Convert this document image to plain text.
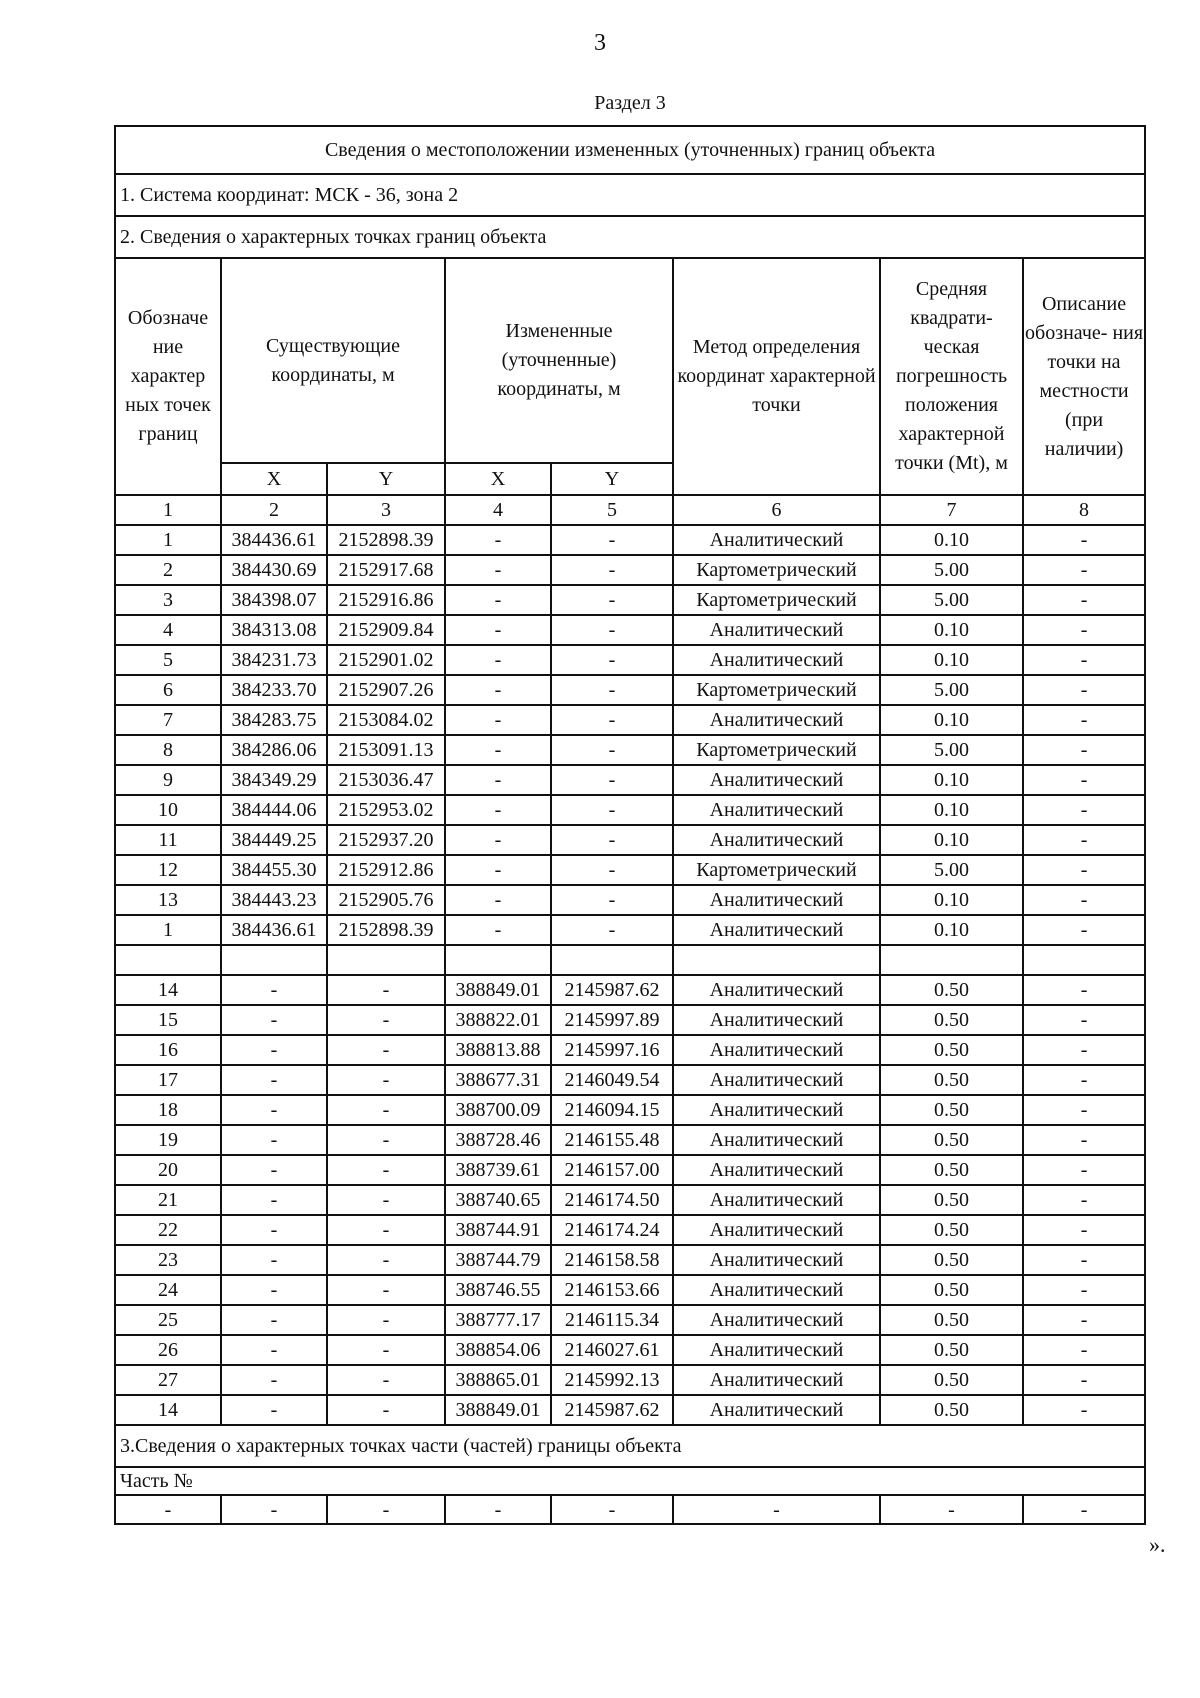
3
Раздел 3
Сведения о местоположении измененных (уточненных) границ объекта							
1. Система координат: МСК - 36, зона 2							
2. Сведения о характерных точках границ объекта							
Обозначе ние характер ных точек границ	Существующие координаты, м		Измененные (уточненные) координаты, м		Метод определения координат характерной точки	Средняя квадрати- ческая погрешность положения характерной точки (Mt), м	Описание обозначе- ния точки на местности (при наличии)
	X	Y	X	Y			
1	2	3	4	5	6	7	8
1	384436.61	2152898.39	-	-	Аналитический	0.10	-
2	384430.69	2152917.68	-	-	Картометрический	5.00	-
3	384398.07	2152916.86	-	-	Картометрический	5.00	-
4	384313.08	2152909.84	-	-	Аналитический	0.10	-
5	384231.73	2152901.02	-	-	Аналитический	0.10	-
6	384233.70	2152907.26	-	-	Картометрический	5.00	-
7	384283.75	2153084.02	-	-	Аналитический	0.10	-
8	384286.06	2153091.13	-	-	Картометрический	5.00	-
9	384349.29	2153036.47	-	-	Аналитический	0.10	-
10	384444.06	2152953.02	-	-	Аналитический	0.10	-
11	384449.25	2152937.20	-	-	Аналитический	0.10	-
12	384455.30	2152912.86	-	-	Картометрический	5.00	-
13	384443.23	2152905.76	-	-	Аналитический	0.10	-
1	384436.61	2152898.39	-	-	Аналитический	0.10	-

14	-	-	388849.01	2145987.62	Аналитический	0.50	-
15	-	-	388822.01	2145997.89	Аналитический	0.50	-
16	-	-	388813.88	2145997.16	Аналитический	0.50	-
17	-	-	388677.31	2146049.54	Аналитический	0.50	-
18	-	-	388700.09	2146094.15	Аналитический	0.50	-
19	-	-	388728.46	2146155.48	Аналитический	0.50	-
20	-	-	388739.61	2146157.00	Аналитический	0.50	-
21	-	-	388740.65	2146174.50	Аналитический	0.50	-
22	-	-	388744.91	2146174.24	Аналитический	0.50	-
23	-	-	388744.79	2146158.58	Аналитический	0.50	-
24	-	-	388746.55	2146153.66	Аналитический	0.50	-
25	-	-	388777.17	2146115.34	Аналитический	0.50	-
26	-	-	388854.06	2146027.61	Аналитический	0.50	-
27	-	-	388865.01	2145992.13	Аналитический	0.50	-
14	-	-	388849.01	2145987.62	Аналитический	0.50	-
3.Сведения о характерных точках части (частей) границы объекта							
Часть №							
-	-	-	-	-	-	-	-
».
